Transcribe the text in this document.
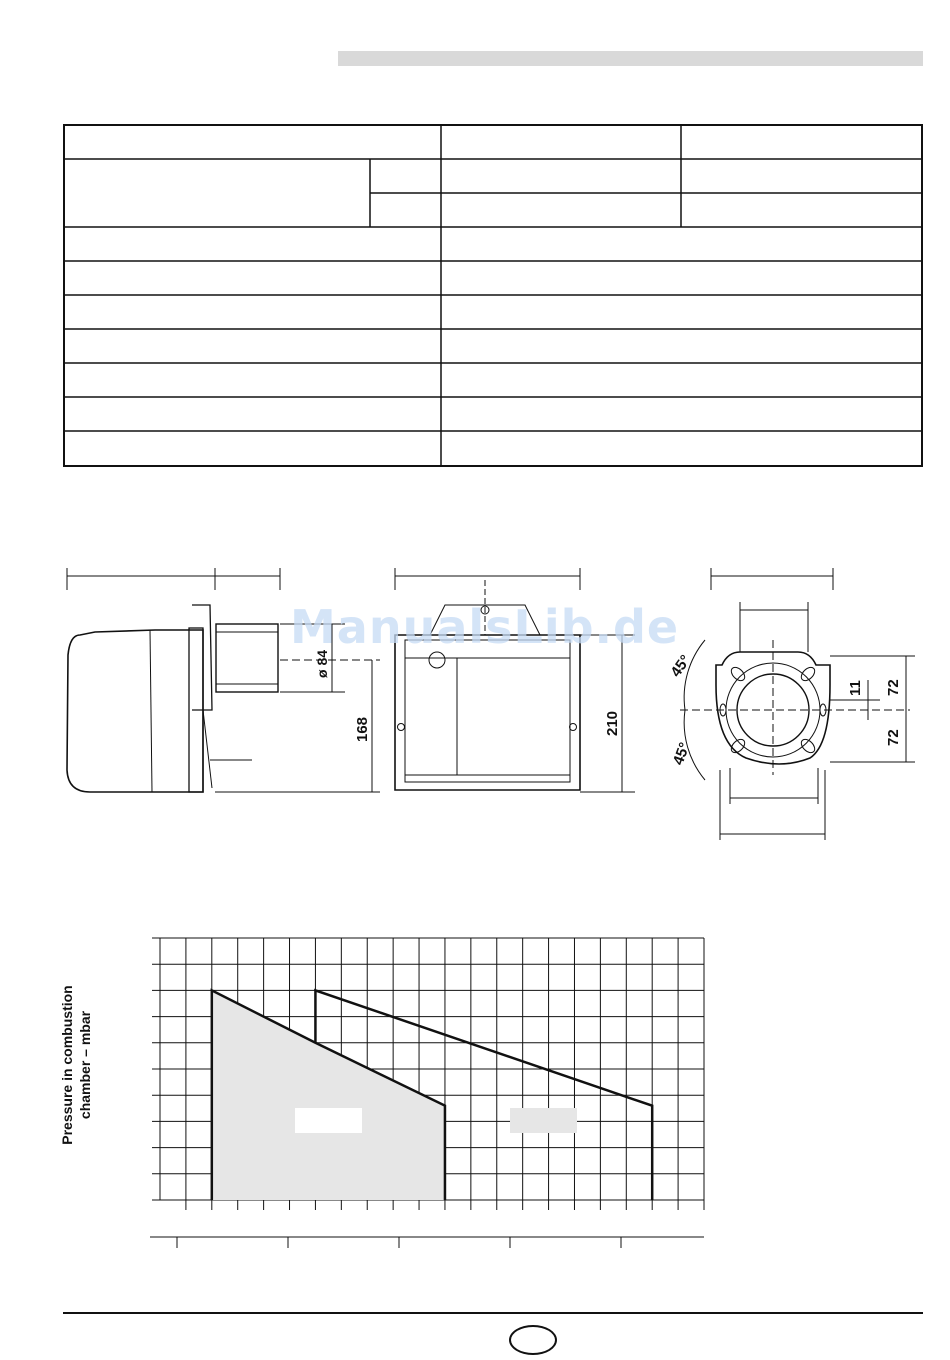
ø 84
168	210
45°
45°
11 72
72
ManualsLib.de
Pressure in combustion chamber – mbar
